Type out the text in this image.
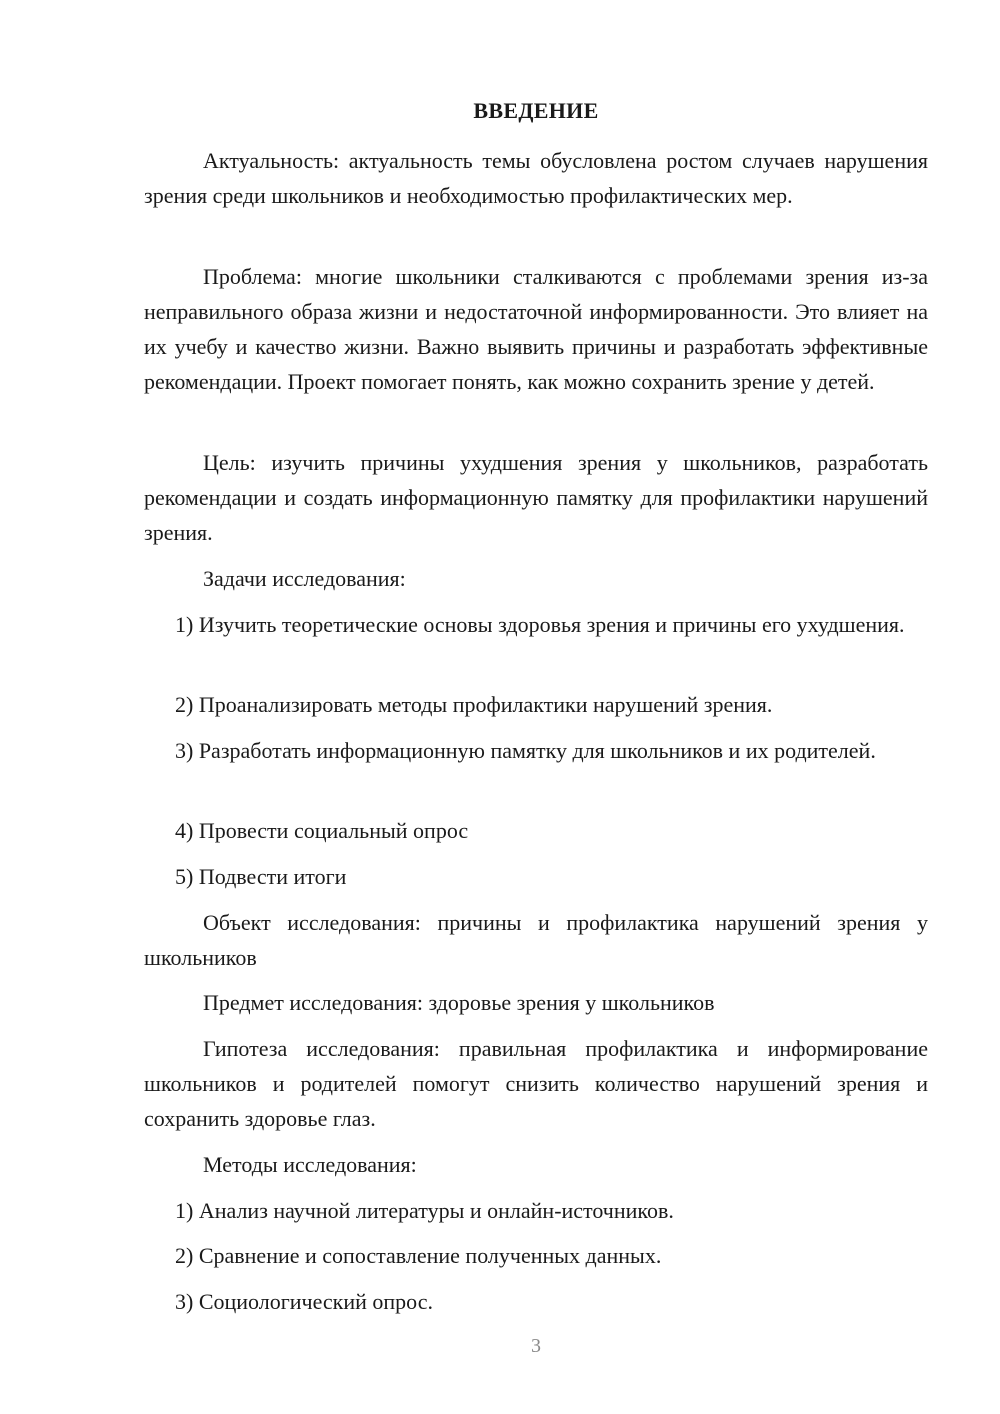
ВВЕДЕНИЕ
Актуальность: актуальность темы обусловлена ростом случаев нарушения зрения среди школьников и необходимостью профилактических мер.
Проблема: многие школьники сталкиваются с проблемами зрения из-за неправильного образа жизни и недостаточной информированности. Это влияет на их учебу и качество жизни. Важно выявить причины и разработать эффективные рекомендации. Проект помогает понять, как можно сохранить зрение у детей.
Цель: изучить причины ухудшения зрения у школьников, разработать рекомендации и создать информационную памятку для профилактики нарушений зрения.
Задачи исследования:
1) Изучить теоретические основы здоровья зрения и причины его ухудшения.
2) Проанализировать методы профилактики нарушений зрения.
3) Разработать информационную памятку для школьников и их родителей.
4) Провести социальный опрос
5) Подвести итоги
Объект исследования: причины и профилактика нарушений зрения у школьников
Предмет исследования: здоровье зрения у школьников
Гипотеза исследования: правильная профилактика и информирование школьников и родителей помогут снизить количество нарушений зрения и сохранить здоровье глаз.
Методы исследования:
1) Анализ научной литературы и онлайн-источников.
2) Сравнение и сопоставление полученных данных.
3) Социологический опрос.
3
